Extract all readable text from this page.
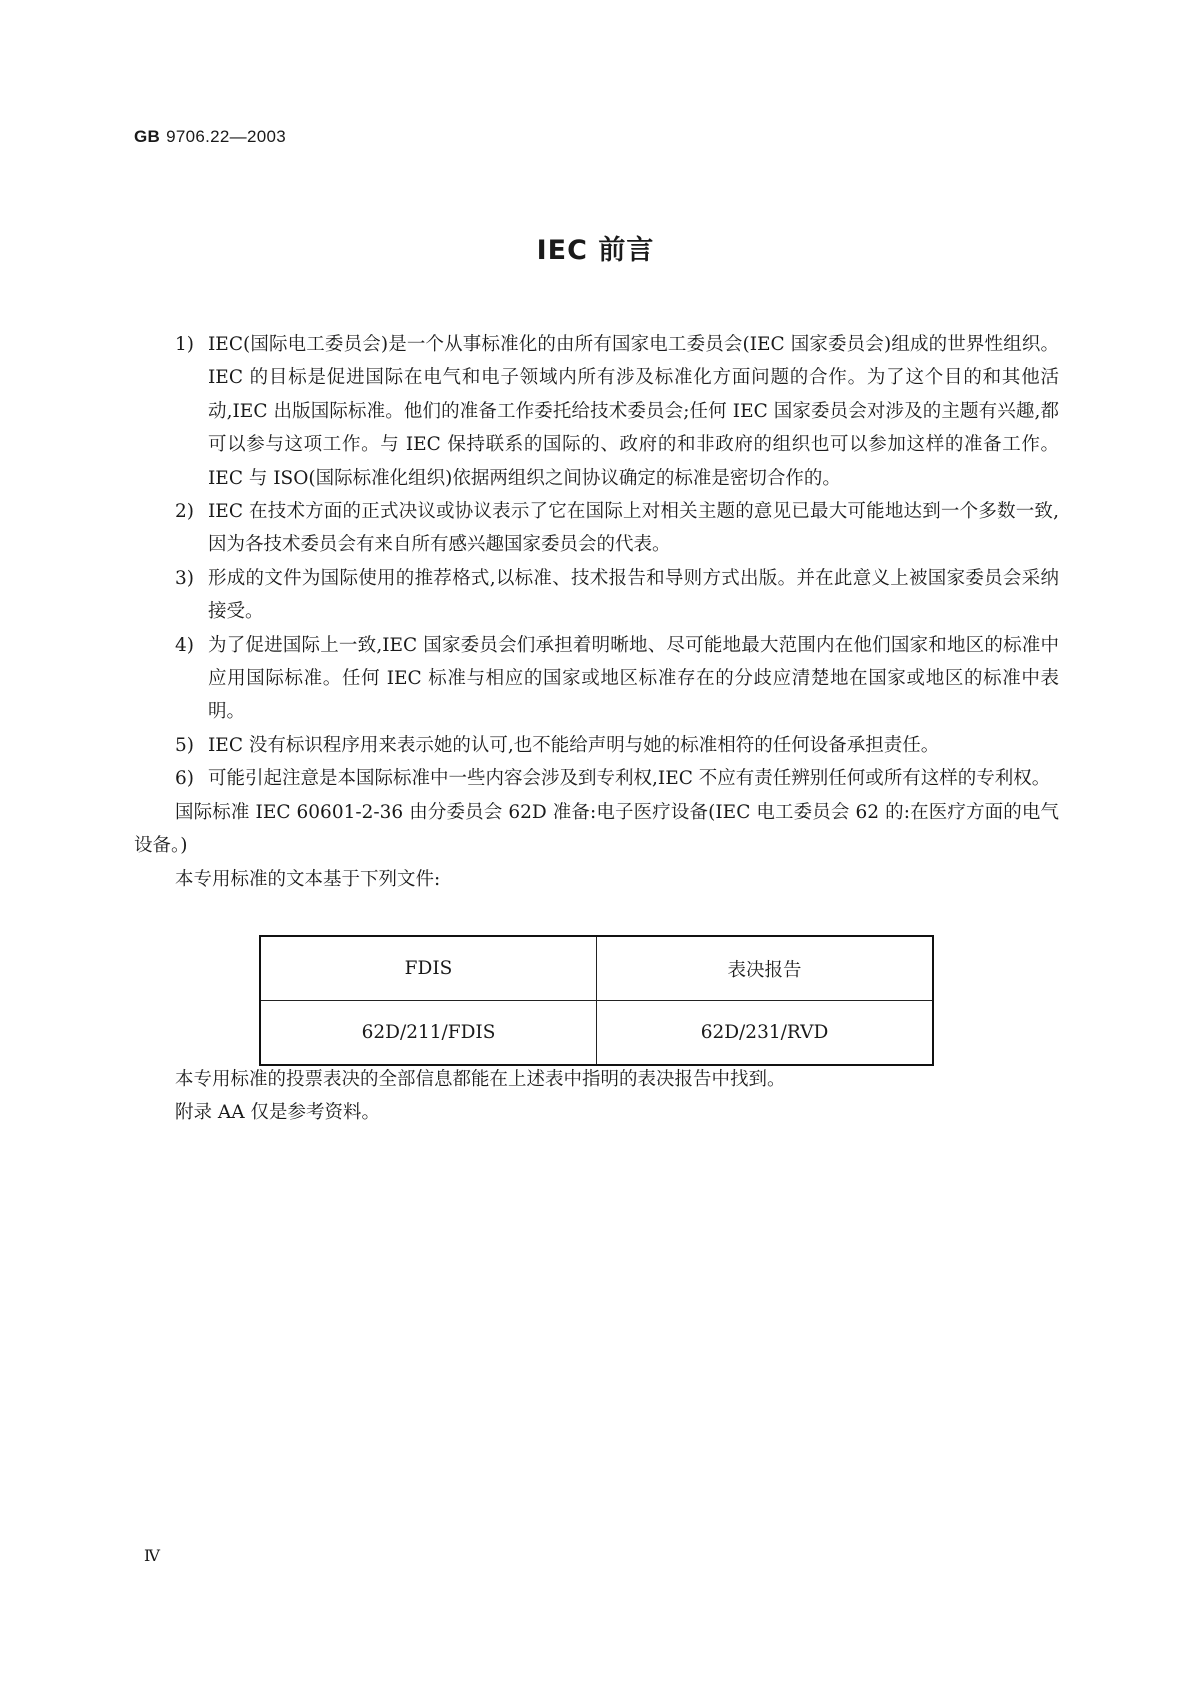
GB 9706.22—2003
IEC 前言
1) IEC(国际电工委员会)是一个从事标准化的由所有国家电工委员会(IEC 国家委员会)组成的世界性组织。IEC 的目标是促进国际在电气和电子领域内所有涉及标准化方面问题的合作。为了这个目的和其他活动,IEC 出版国际标准。他们的准备工作委托给技术委员会;任何 IEC 国家委员会对涉及的主题有兴趣,都可以参与这项工作。与 IEC 保持联系的国际的、政府的和非政府的组织也可以参加这样的准备工作。IEC 与 ISO(国际标准化组织)依据两组织之间协议确定的标准是密切合作的。
2) IEC 在技术方面的正式决议或协议表示了它在国际上对相关主题的意见已最大可能地达到一个多数一致,因为各技术委员会有来自所有感兴趣国家委员会的代表。
3) 形成的文件为国际使用的推荐格式,以标准、技术报告和导则方式出版。并在此意义上被国家委员会采纳接受。
4) 为了促进国际上一致,IEC 国家委员会们承担着明晰地、尽可能地最大范围内在他们国家和地区的标准中应用国际标准。任何 IEC 标准与相应的国家或地区标准存在的分歧应清楚地在国家或地区的标准中表明。
5) IEC 没有标识程序用来表示她的认可,也不能给声明与她的标准相符的任何设备承担责任。
6) 可能引起注意是本国际标准中一些内容会涉及到专利权,IEC 不应有责任辨别任何或所有这样的专利权。

国际标准 IEC 60601-2-36 由分委员会 62D 准备:电子医疗设备(IEC 电工委员会 62 的:在医疗方面的电气设备。)

本专用标准的文本基于下列文件:

FDIS	表决报告
62D/211/FDIS	62D/231/RVD

本专用标准的投票表决的全部信息都能在上述表中指明的表决报告中找到。

附录 AA 仅是参考资料。

Ⅳ
